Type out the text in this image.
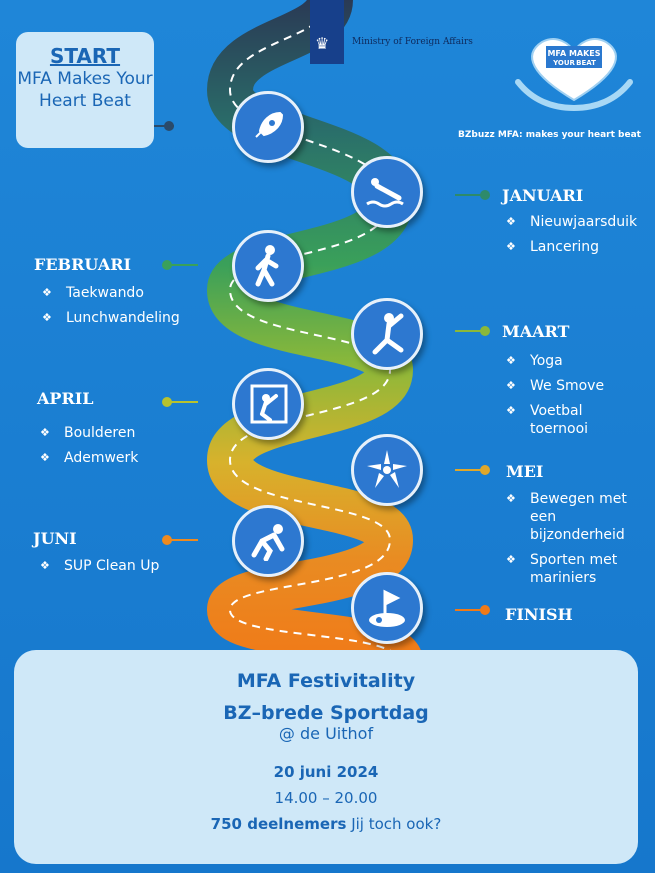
♛	Ministry of Foreign Affairs
MFA MAKES
YOUR BEAT
BZbuzz MFA: makes your heart beat
START
MFA Makes Your Heart Beat
JANUARI
❖ Nieuwjaarsduik
❖ Lancering
FEBRUARI
❖ Taekwando
❖ Lunchwandeling
MAART
❖ Yoga
❖ We Smove
❖ Voetbal toernooi
APRIL
❖ Boulderen
❖ Ademwerk
MEI
❖ Bewegen met een bijzonderheid
❖ Sporten met mariniers
JUNI
❖ SUP Clean Up
FINISH
MFA Festivitality
BZ–brede Sportdag
@ de Uithof
20 juni 2024
14.00 – 20.00
750 deelnemers Jij toch ook?
